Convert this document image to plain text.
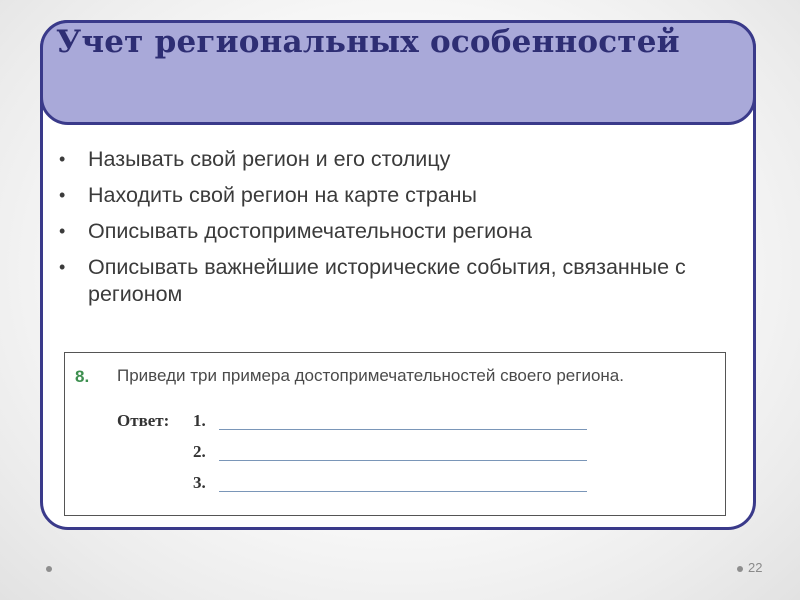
Учет региональных особенностей
• Называть свой регион и его столицу
• Находить свой регион на карте страны
• Описывать достопримечательности региона
• Описывать важнейшие исторические события, связанные с регионом
8. Приведи три примера достопримечательностей своего региона.

Ответ: 1.
2.
3.
22
